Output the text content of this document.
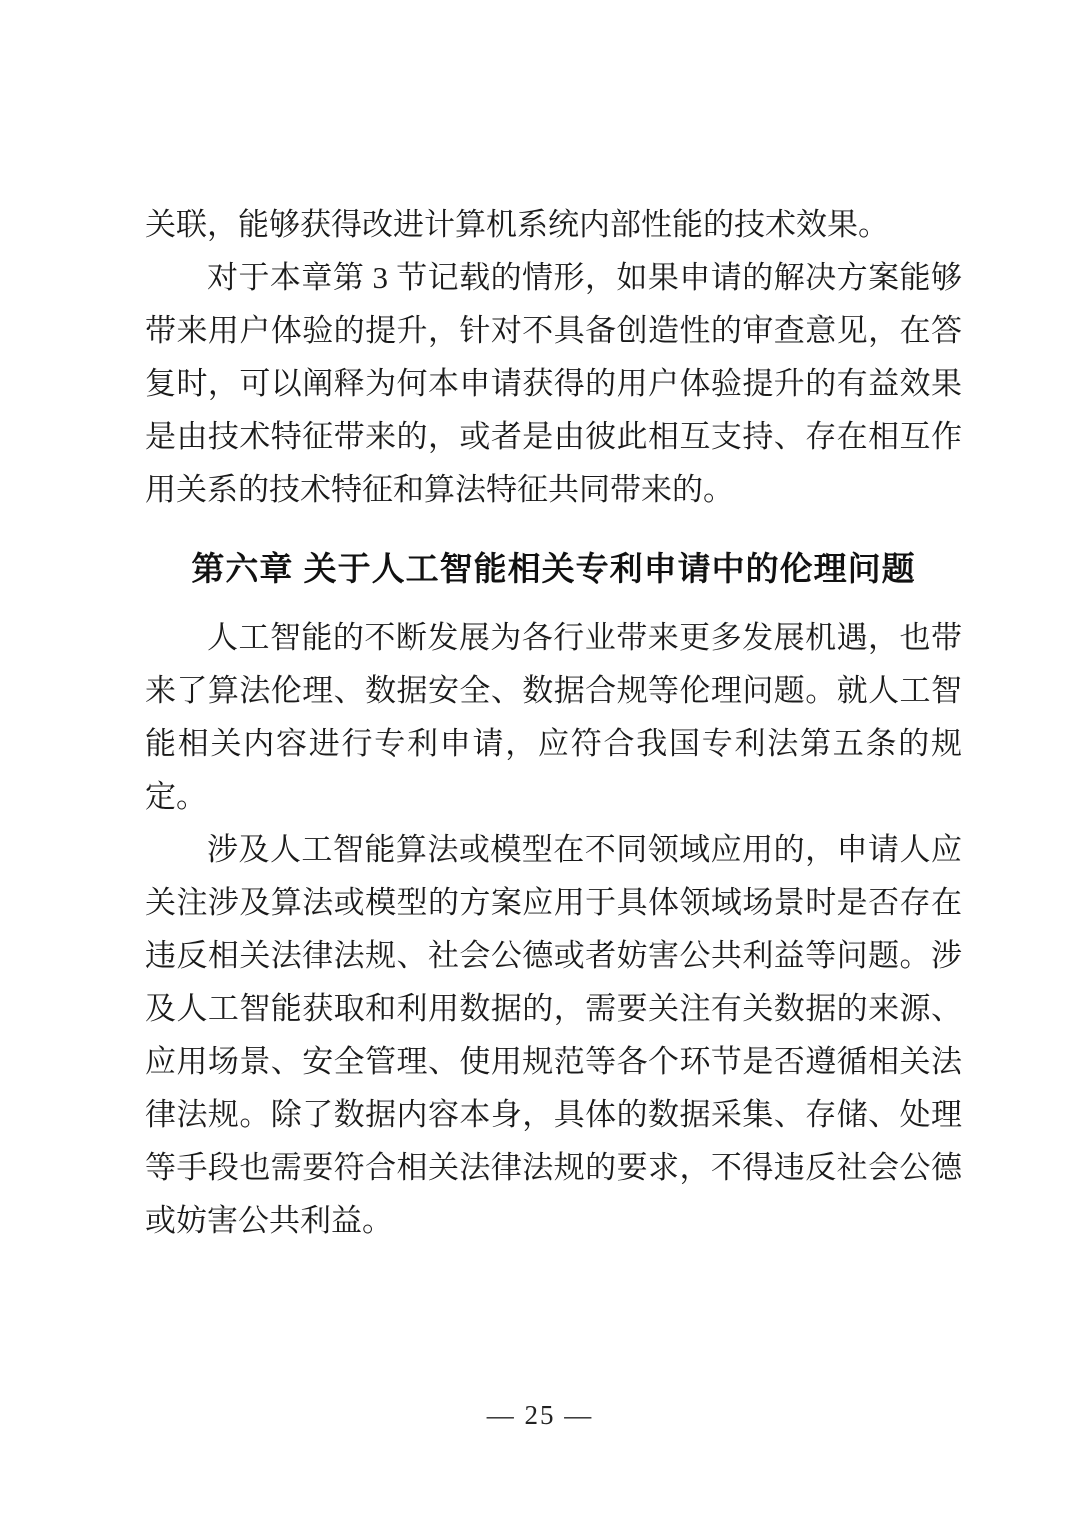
关联，能够获得改进计算机系统内部性能的技术效果。

对于本章第 3 节记载的情形，如果申请的解决方案能够带来用户体验的提升，针对不具备创造性的审查意见，在答复时，可以阐释为何本申请获得的用户体验提升的有益效果是由技术特征带来的，或者是由彼此相互支持、存在相互作用关系的技术特征和算法特征共同带来的。

第六章 关于人工智能相关专利申请中的伦理问题

人工智能的不断发展为各行业带来更多发展机遇，也带来了算法伦理、数据安全、数据合规等伦理问题。就人工智能相关内容进行专利申请，应符合我国专利法第五条的规定。

涉及人工智能算法或模型在不同领域应用的，申请人应关注涉及算法或模型的方案应用于具体领域场景时是否存在违反相关法律法规、社会公德或者妨害公共利益等问题。涉及人工智能获取和利用数据的，需要关注有关数据的来源、应用场景、安全管理、使用规范等各个环节是否遵循相关法律法规。除了数据内容本身，具体的数据采集、存储、处理等手段也需要符合相关法律法规的要求，不得违反社会公德或妨害公共利益。

— 25 —
